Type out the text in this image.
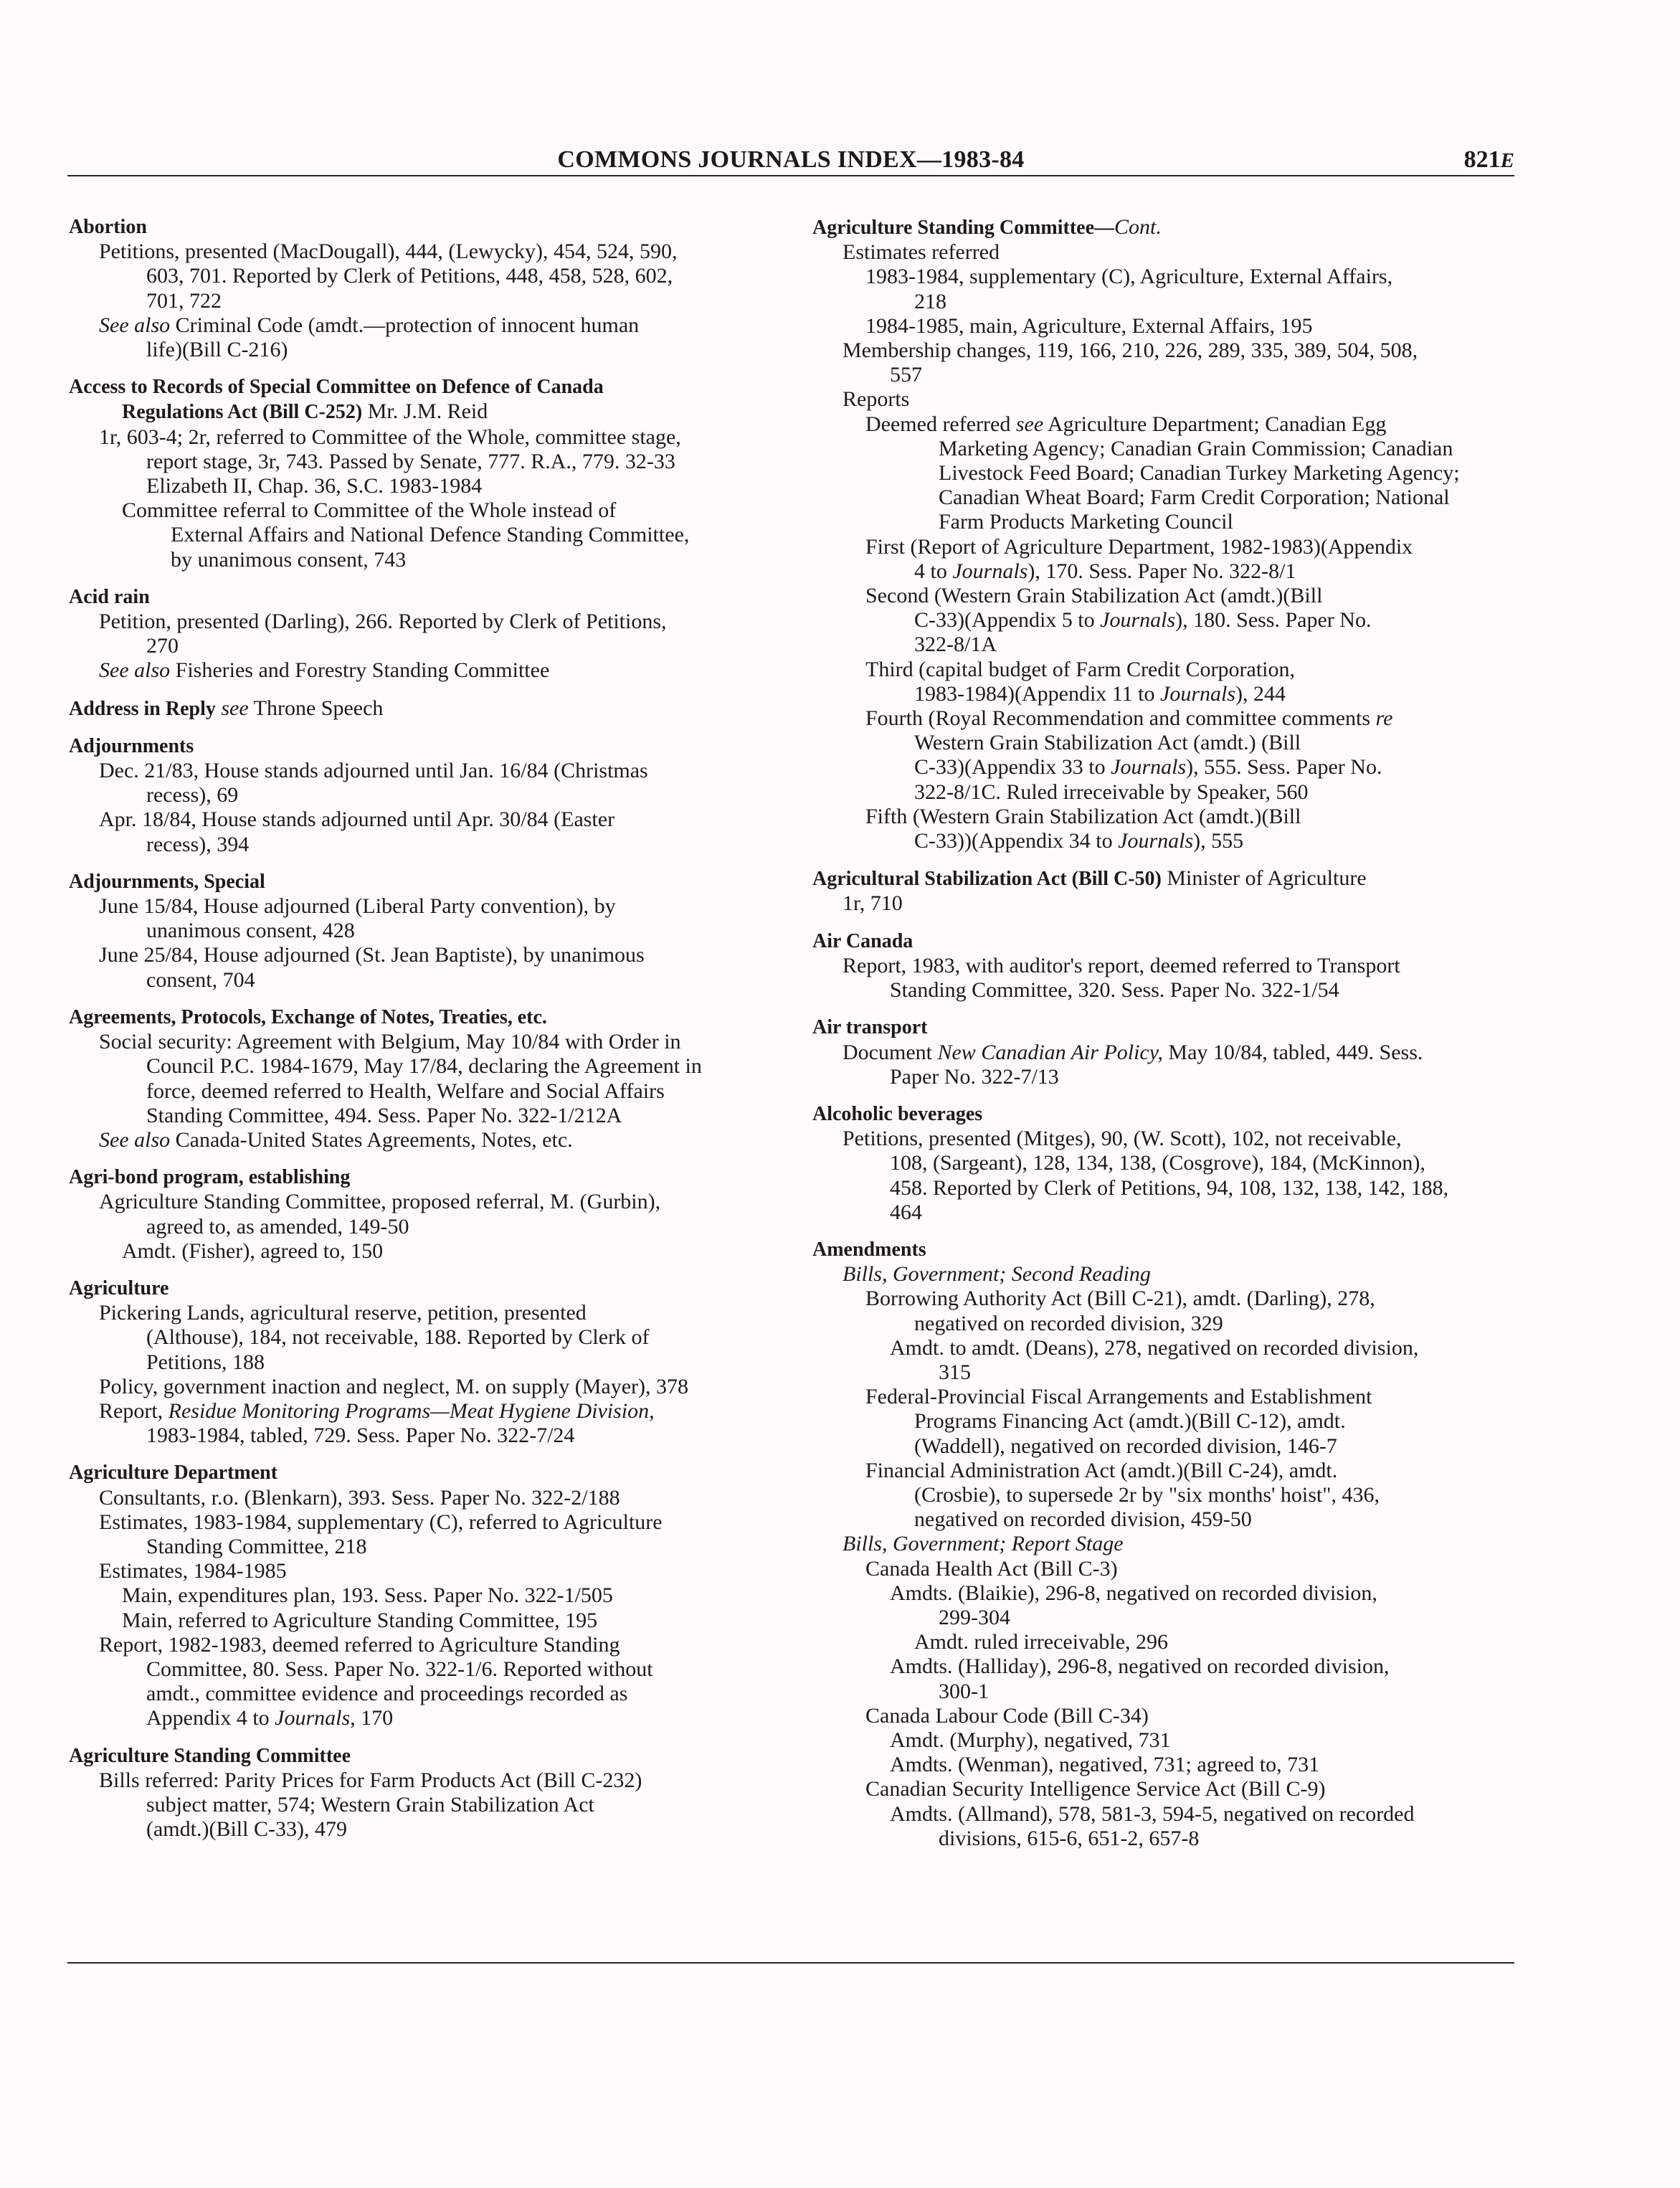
COMMONS JOURNALS INDEX—1983-84	821E
Abortion
Petitions, presented (MacDougall), 444, (Lewycky), 454, 524, 590,
603, 701. Reported by Clerk of Petitions, 448, 458, 528, 602,
701, 722
See also Criminal Code (amdt.—protection of innocent human
life)(Bill C-216)
Access to Records of Special Committee on Defence of Canada
Regulations Act (Bill C-252) Mr. J.M. Reid
1r, 603-4; 2r, referred to Committee of the Whole, committee stage,
report stage, 3r, 743. Passed by Senate, 777. R.A., 779. 32-33
Elizabeth II, Chap. 36, S.C. 1983-1984
Committee referral to Committee of the Whole instead of
External Affairs and National Defence Standing Committee,
by unanimous consent, 743
Acid rain
Petition, presented (Darling), 266. Reported by Clerk of Petitions,
270
See also Fisheries and Forestry Standing Committee
Address in Reply see Throne Speech
Adjournments
Dec. 21/83, House stands adjourned until Jan. 16/84 (Christmas
recess), 69
Apr. 18/84, House stands adjourned until Apr. 30/84 (Easter
recess), 394
Adjournments, Special
June 15/84, House adjourned (Liberal Party convention), by
unanimous consent, 428
June 25/84, House adjourned (St. Jean Baptiste), by unanimous
consent, 704
Agreements, Protocols, Exchange of Notes, Treaties, etc.
Social security: Agreement with Belgium, May 10/84 with Order in
Council P.C. 1984-1679, May 17/84, declaring the Agreement in
force, deemed referred to Health, Welfare and Social Affairs
Standing Committee, 494. Sess. Paper No. 322-1/212A
See also Canada-United States Agreements, Notes, etc.
Agri-bond program, establishing
Agriculture Standing Committee, proposed referral, M. (Gurbin),
agreed to, as amended, 149-50
Amdt. (Fisher), agreed to, 150
Agriculture
Pickering Lands, agricultural reserve, petition, presented
(Althouse), 184, not receivable, 188. Reported by Clerk of
Petitions, 188
Policy, government inaction and neglect, M. on supply (Mayer), 378
Report, Residue Monitoring Programs—Meat Hygiene Division,
1983-1984, tabled, 729. Sess. Paper No. 322-7/24
Agriculture Department
Consultants, r.o. (Blenkarn), 393. Sess. Paper No. 322-2/188
Estimates, 1983-1984, supplementary (C), referred to Agriculture
Standing Committee, 218
Estimates, 1984-1985
Main, expenditures plan, 193. Sess. Paper No. 322-1/505
Main, referred to Agriculture Standing Committee, 195
Report, 1982-1983, deemed referred to Agriculture Standing
Committee, 80. Sess. Paper No. 322-1/6. Reported without
amdt., committee evidence and proceedings recorded as
Appendix 4 to Journals, 170
Agriculture Standing Committee
Bills referred: Parity Prices for Farm Products Act (Bill C-232)
subject matter, 574; Western Grain Stabilization Act
(amdt.)(Bill C-33), 479
Agriculture Standing Committee—Cont.
Estimates referred
1983-1984, supplementary (C), Agriculture, External Affairs,
218
1984-1985, main, Agriculture, External Affairs, 195
Membership changes, 119, 166, 210, 226, 289, 335, 389, 504, 508,
557
Reports
Deemed referred see Agriculture Department; Canadian Egg
Marketing Agency; Canadian Grain Commission; Canadian
Livestock Feed Board; Canadian Turkey Marketing Agency;
Canadian Wheat Board; Farm Credit Corporation; National
Farm Products Marketing Council
First (Report of Agriculture Department, 1982-1983)(Appendix
4 to Journals), 170. Sess. Paper No. 322-8/1
Second (Western Grain Stabilization Act (amdt.)(Bill
C-33)(Appendix 5 to Journals), 180. Sess. Paper No.
322-8/1A
Third (capital budget of Farm Credit Corporation,
1983-1984)(Appendix 11 to Journals), 244
Fourth (Royal Recommendation and committee comments re
Western Grain Stabilization Act (amdt.) (Bill
C-33)(Appendix 33 to Journals), 555. Sess. Paper No.
322-8/1C. Ruled irreceivable by Speaker, 560
Fifth (Western Grain Stabilization Act (amdt.)(Bill
C-33))(Appendix 34 to Journals), 555
Agricultural Stabilization Act (Bill C-50) Minister of Agriculture
1r, 710
Air Canada
Report, 1983, with auditor's report, deemed referred to Transport
Standing Committee, 320. Sess. Paper No. 322-1/54
Air transport
Document New Canadian Air Policy, May 10/84, tabled, 449. Sess.
Paper No. 322-7/13
Alcoholic beverages
Petitions, presented (Mitges), 90, (W. Scott), 102, not receivable,
108, (Sargeant), 128, 134, 138, (Cosgrove), 184, (McKinnon),
458. Reported by Clerk of Petitions, 94, 108, 132, 138, 142, 188,
464
Amendments
Bills, Government; Second Reading
Borrowing Authority Act (Bill C-21), amdt. (Darling), 278,
negatived on recorded division, 329
Amdt. to amdt. (Deans), 278, negatived on recorded division,
315
Federal-Provincial Fiscal Arrangements and Establishment
Programs Financing Act (amdt.)(Bill C-12), amdt.
(Waddell), negatived on recorded division, 146-7
Financial Administration Act (amdt.)(Bill C-24), amdt.
(Crosbie), to supersede 2r by "six months' hoist", 436,
negatived on recorded division, 459-50
Bills, Government; Report Stage
Canada Health Act (Bill C-3)
Amdts. (Blaikie), 296-8, negatived on recorded division,
299-304
Amdt. ruled irreceivable, 296
Amdts. (Halliday), 296-8, negatived on recorded division,
300-1
Canada Labour Code (Bill C-34)
Amdt. (Murphy), negatived, 731
Amdts. (Wenman), negatived, 731; agreed to, 731
Canadian Security Intelligence Service Act (Bill C-9)
Amdts. (Allmand), 578, 581-3, 594-5, negatived on recorded
divisions, 615-6, 651-2, 657-8
